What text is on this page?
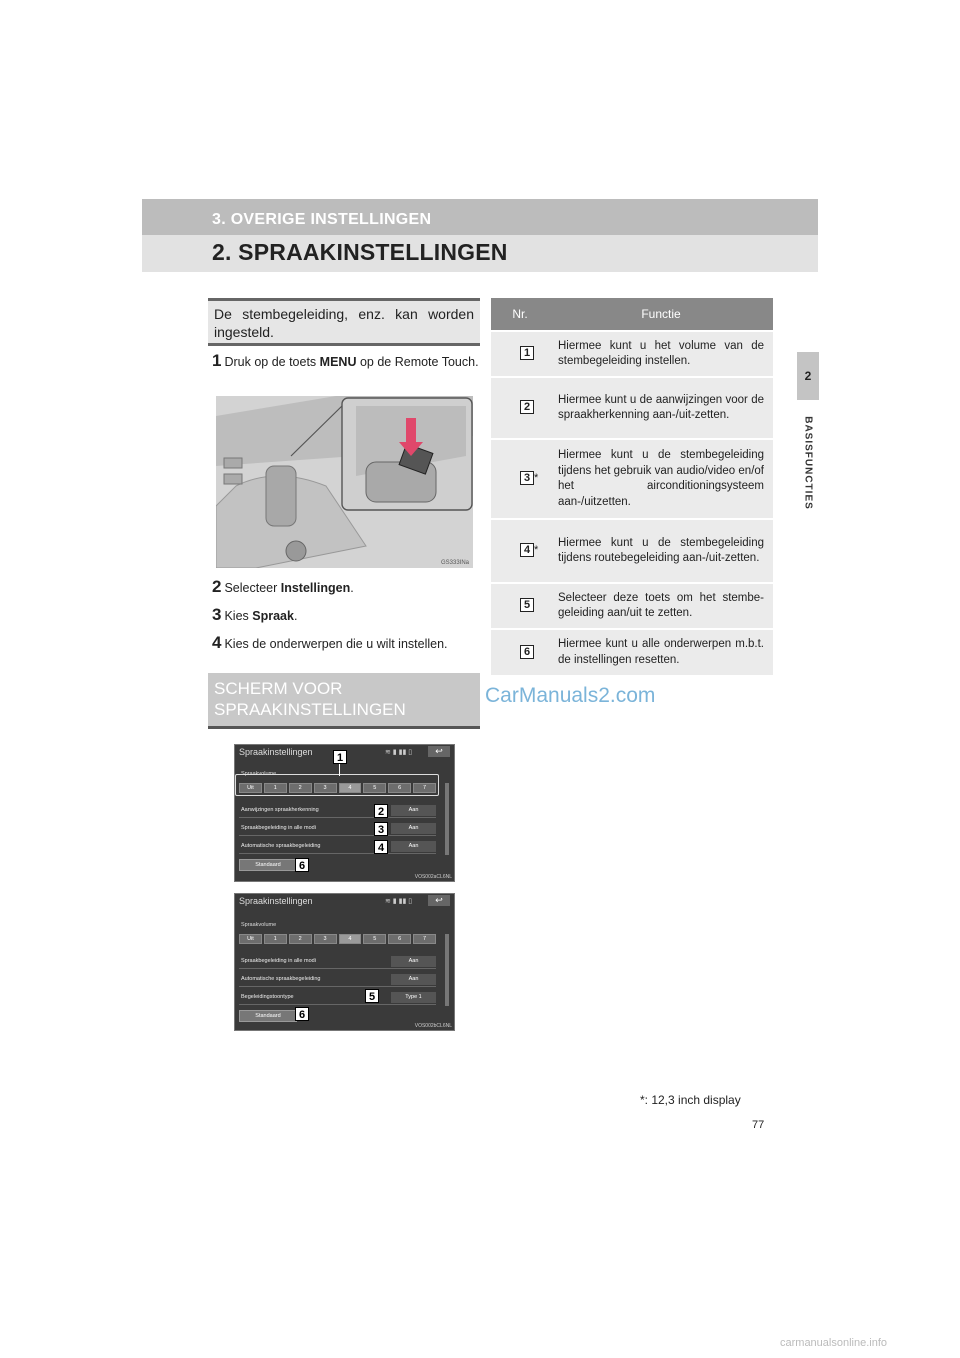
3. OVERIGE INSTELLINGEN
2. SPRAAKINSTELLINGEN
2
BASISFUNCTIES
De stembegeleiding, enz. kan worden ingesteld.
1 Druk op de toets MENU op de Remote Touch.
GS333INa
2 Selecteer Instellingen.
3 Kies Spraak.
4 Kies de onderwerpen die u wilt instellen.
SCHERM VOOR
SPRAAKINSTELLINGEN
Spraakinstellingen	≋ ▮ ▮▮ ▯	↩
Spraakvolume
Uit	1	2	3	4	5	6	7
Aanwijzingen spraakherkenning	Aan
Spraakbegeleiding in alle modi	Aan
Automatische spraakbegeleiding	Aan
Standaard
VOS002aCL6NL
1
2
3
4
6
Spraakinstellingen	≋ ▮ ▮▮ ▯	↩
Spraakvolume
Uit	1	2	3	4	5	6	7
Spraakbegeleiding in alle modi	Aan
Automatische spraakbegeleiding	Aan
Begeleidingstoontype	Type 1
Standaard
VOS002bCL6NL
5
6
Nr.	Functie
1	Hiermee kunt u het volume van de stembegeleiding instellen.
2	Hiermee kunt u de aanwijzingen voor de spraakherkenning aan-/uit-zetten.
3 *	Hiermee kunt u de stembegeleiding tijdens het gebruik van audio/video en/of het airconditioningsysteem aan-/uitzetten.
4 *	Hiermee kunt u de stembegeleiding tijdens routebegeleiding aan-/uit-zetten.
5	Selecteer deze toets om het stembe-geleiding aan/uit te zetten.
6	Hiermee kunt u alle onderwerpen m.b.t. de instellingen resetten.
CarManuals2.com
*: 12,3 inch display
77
carmanualsonline.info
